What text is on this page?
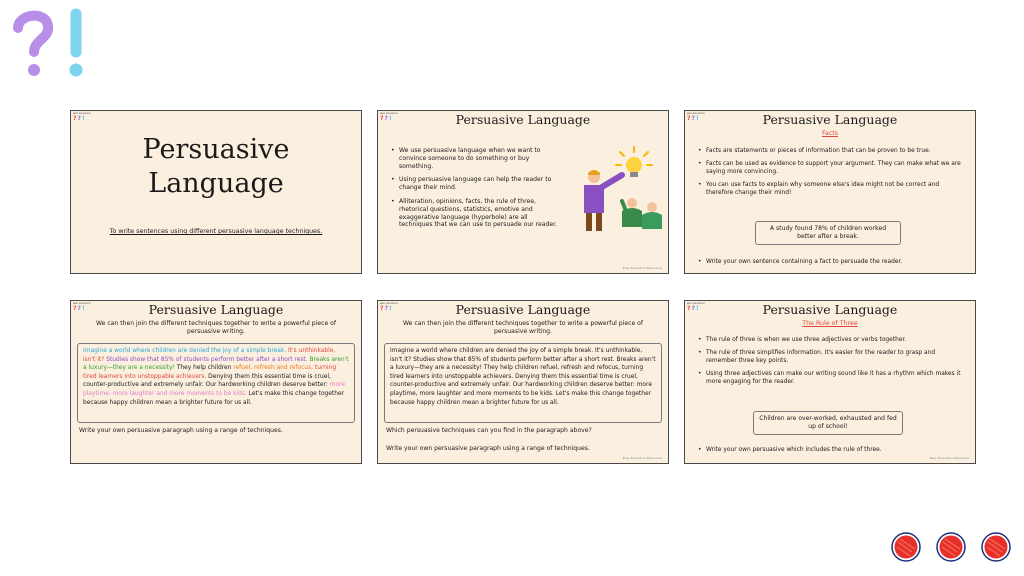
EASY EDUCATION
? ? !
Persuasive
Language
To write sentences using different persuasive language techniques.
EASY EDUCATION
? ? !	Persuasive Language
• We use persuasive language when we want to convince someone to do something or buy something.
• Using persuasive language can help the reader to change their mind.
• Alliteration, opinions, facts, the rule of three, rhetorical questions, statistics, emotive and exaggerative language (hyperbole) are all techniques that we can use to persuade our reader.
Easy Education Resources
EASY EDUCATION
? ? !	Persuasive Language
Facts
• Facts are statements or pieces of information that can be proven to be true.
• Facts can be used as evidence to support your argument. They can make what we are saying more convincing.
• You can use facts to explain why someone else's idea might not be correct and therefore change their mind!
A study found 78% of children worked better after a break.
• Write your own sentence containing a fact to persuade the reader.
EASY EDUCATION
? ? !	Persuasive Language
We can then join the different techniques together to write a powerful piece of persuasive writing.
Imagine a world where children are denied the joy of a simple break. It's unthinkable, isn't it? Studies show that 85% of students perform better after a short rest. Breaks aren't a luxury—they are a necessity! They help children refuel, refresh and refocus, turning tired learners into unstoppable achievers. Denying them this essential time is cruel, counter-productive and extremely unfair. Our hardworking children deserve better: more playtime, more laughter and more moments to be kids. Let's make this change together because happy children mean a brighter future for us all.
Write your own persuasive paragraph using a range of techniques.
EASY EDUCATION
? ? !	Persuasive Language
We can then join the different techniques together to write a powerful piece of persuasive writing.
Imagine a world where children are denied the joy of a simple break. It's unthinkable, isn't it? Studies show that 85% of students perform better after a short rest. Breaks aren't a luxury—they are a necessity! They help children refuel, refresh and refocus, turning tired learners into unstoppable achievers. Denying them this essential time is cruel, counter-productive and extremely unfair. Our hardworking children deserve better: more playtime, more laughter and more moments to be kids. Let's make this change together because happy children mean a brighter future for us all.
Which persuasive techniques can you find in the paragraph above?
Write your own persuasive paragraph using a range of techniques.
Easy Education Resources
EASY EDUCATION
? ? !	Persuasive Language
The Rule of Three
• The rule of three is when we use three adjectives or verbs together.
• The rule of three simplifies information. It's easier for the reader to grasp and remember three key points.
• Using three adjectives can make our writing sound like it has a rhythm which makes it more engaging for the reader.
Children are over-worked, exhausted and fed up of school!
• Write your own persuasive which includes the rule of three.
Easy Education Resources
